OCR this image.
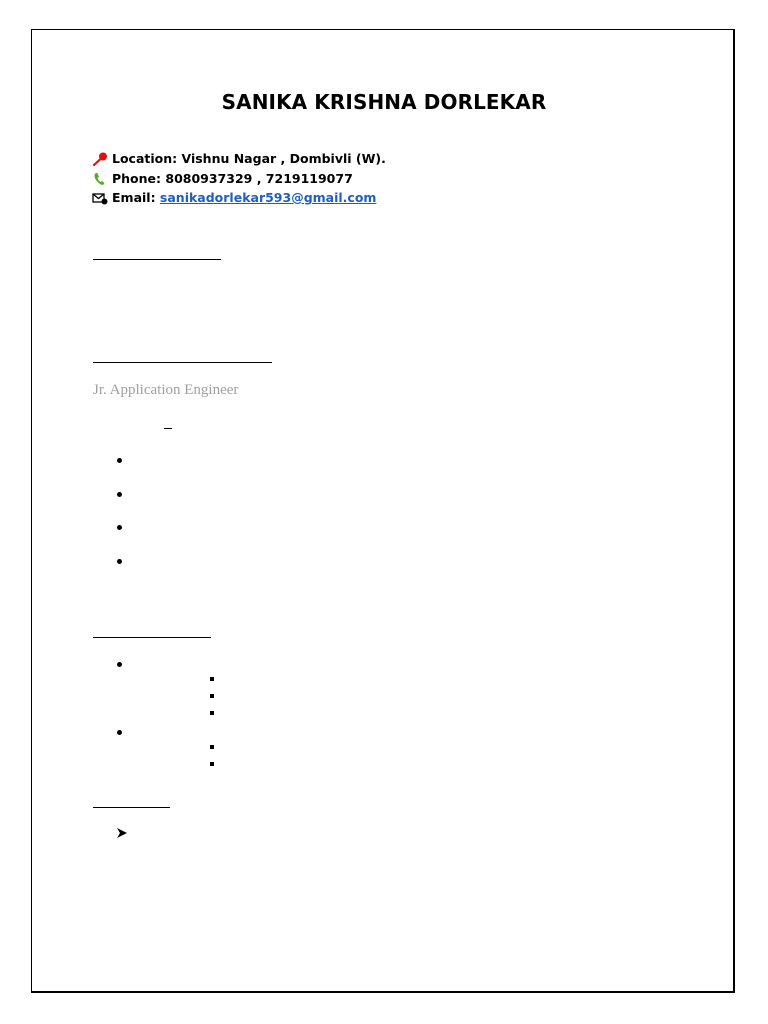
SANIKA KRISHNA DORLEKAR
Location: Vishnu Nagar , Dombivli (W).
Phone: 8080937329 , 7219119077
Email: sanikadorlekar593@gmail.com
Jr. Application Engineer
